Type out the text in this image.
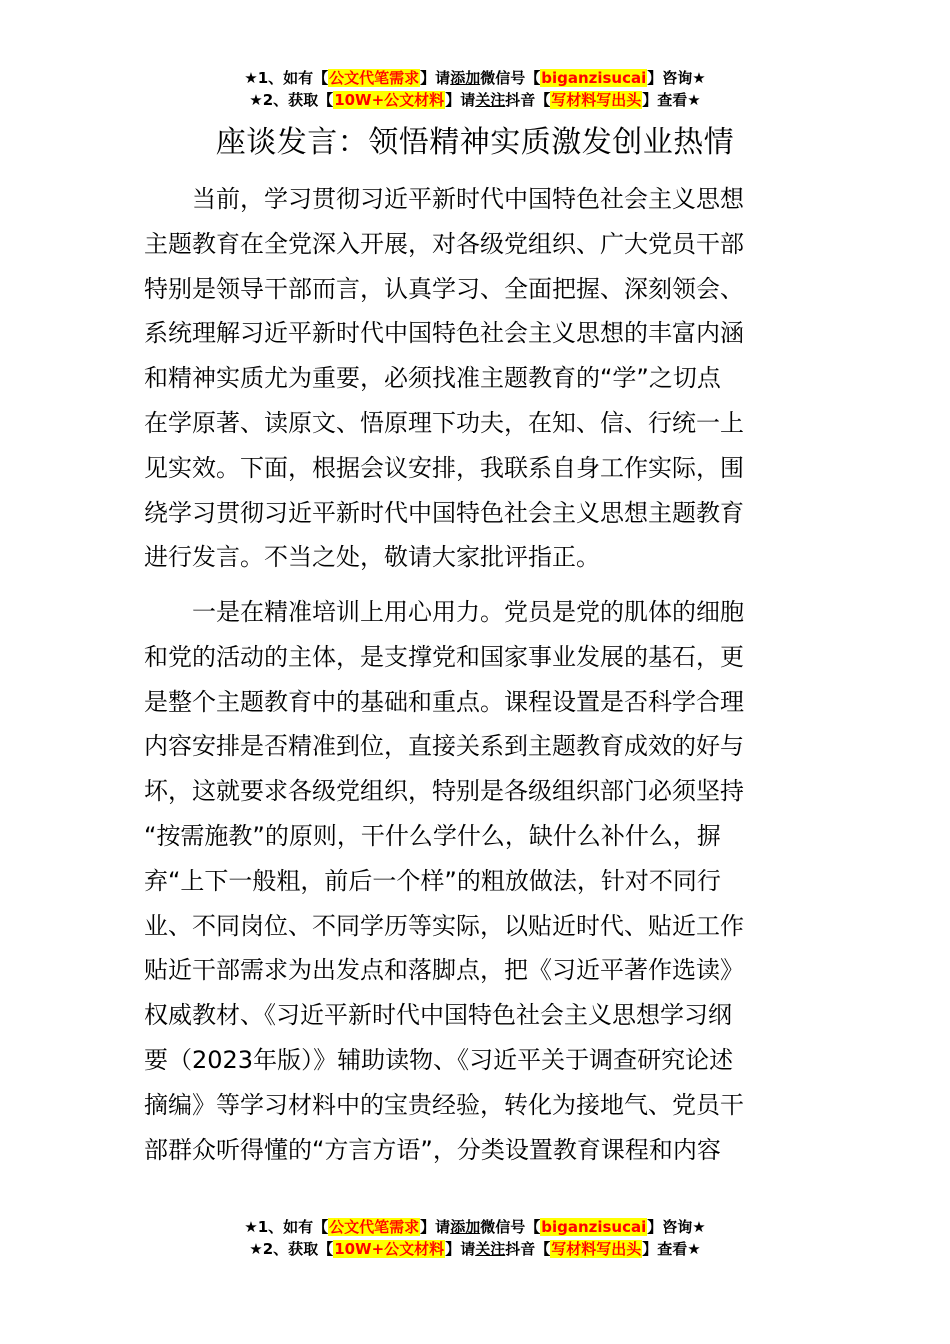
★1、如有【公文代笔需求】请添加微信号【biganzisucai】咨询★
★2、获取【10W+公文材料】请关注抖音【写材料写出头】查看★
座谈发言：领悟精神实质激发创业热情
当前，学习贯彻习近平新时代中国特色社会主义思想
主题教育在全党深入开展，对各级党组织、广大党员干部
特别是领导干部而言，认真学习、全面把握、深刻领会、
系统理解习近平新时代中国特色社会主义思想的丰富内涵
和精神实质尤为重要，必须找准主题教育的“学”之切点
在学原著、读原文、悟原理下功夫，在知、信、行统一上
见实效。下面，根据会议安排，我联系自身工作实际，围
绕学习贯彻习近平新时代中国特色社会主义思想主题教育
进行发言。不当之处，敬请大家批评指正。
一是在精准培训上用心用力。党员是党的肌体的细胞
和党的活动的主体，是支撑党和国家事业发展的基石，更
是整个主题教育中的基础和重点。课程设置是否科学合理
内容安排是否精准到位，直接关系到主题教育成效的好与
坏，这就要求各级党组织，特别是各级组织部门必须坚持
“按需施教”的原则，干什么学什么，缺什么补什么，摒
弃“上下一般粗，前后一个样”的粗放做法，针对不同行
业、不同岗位、不同学历等实际，以贴近时代、贴近工作
贴近干部需求为出发点和落脚点，把《习近平著作选读》
权威教材、《习近平新时代中国特色社会主义思想学习纲
要（2023年版）》辅助读物、《习近平关于调查研究论述
摘编》等学习材料中的宝贵经验，转化为接地气、党员干
部群众听得懂的“方言方语”，分类设置教育课程和内容
★1、如有【公文代笔需求】请添加微信号【biganzisucai】咨询★
★2、获取【10W+公文材料】请关注抖音【写材料写出头】查看★
